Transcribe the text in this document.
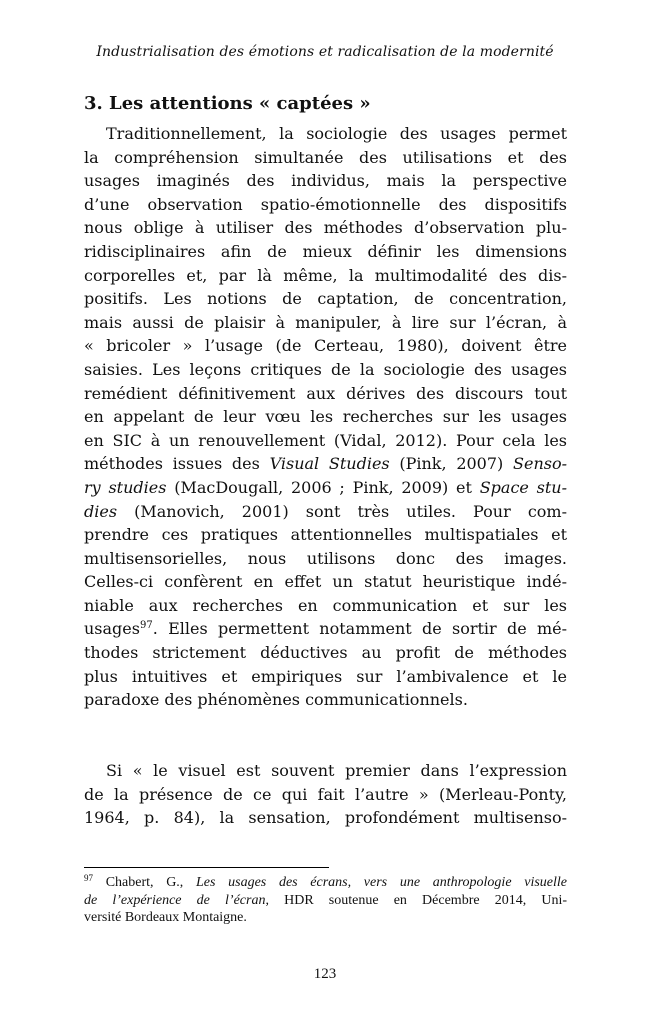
Industrialisation des émotions et radicalisation de la modernité
3. Les attentions « captées »
Traditionnellement, la sociologie des usages permet
la compréhension simultanée des utilisations et des
usages imaginés des individus, mais la perspective
d’une observation spatio-émotionnelle des dispositifs
nous oblige à utiliser des méthodes d’observation plu-
ridisciplinaires afin de mieux définir les dimensions
corporelles et, par là même, la multimodalité des dis-
positifs. Les notions de captation, de concentration,
mais aussi de plaisir à manipuler, à lire sur l’écran, à
« bricoler » l’usage (de Certeau, 1980), doivent être
saisies. Les leçons critiques de la sociologie des usages
remédient définitivement aux dérives des discours tout
en appelant de leur vœu les recherches sur les usages
en SIC à un renouvellement (Vidal, 2012). Pour cela les
méthodes issues des Visual Studies (Pink, 2007) Senso-
ry studies (MacDougall, 2006 ; Pink, 2009) et Space stu-
dies (Manovich, 2001) sont très utiles. Pour com-
prendre ces pratiques attentionnelles multispatiales et
multisensorielles, nous utilisons donc des images.
Celles-ci confèrent en effet un statut heuristique indé-
niable aux recherches en communication et sur les
usages$^{97}$. Elles permettent notamment de sortir de mé-
thodes strictement déductives au profit de méthodes
plus intuitives et empiriques sur l’ambivalence et le
paradoxe des phénomènes communicationnels.
Si « le visuel est souvent premier dans l’expression
de la présence de ce qui fait l’autre » (Merleau-Ponty,
1964, p. 84), la sensation, profondément multisenso-
$^{97}$ Chabert, G., Les usages des écrans, vers une anthropologie visuelle
de l’expérience de l’écran, HDR soutenue en Décembre 2014, Uni-
versité Bordeaux Montaigne.
123
